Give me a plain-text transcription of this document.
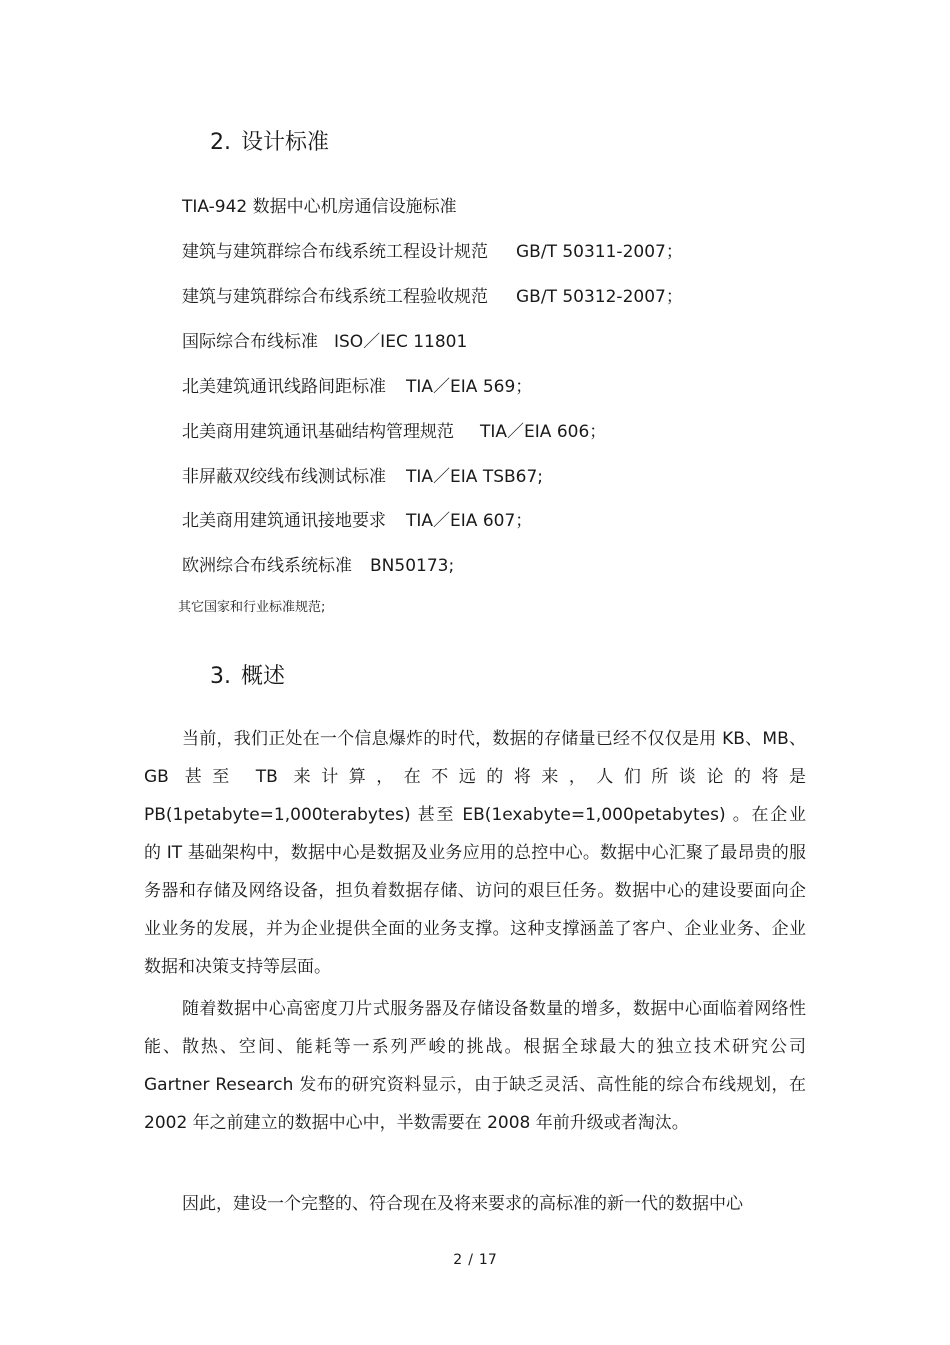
2. 设计标准
TIA-942 数据中心机房通信设施标准
建筑与建筑群综合布线系统工程设计规范 GB∕T 50311-2007；
建筑与建筑群综合布线系统工程验收规范 GB∕T 50312-2007；
国际综合布线标准 ISO／IEC 11801
北美建筑通讯线路间距标准 TIA／EIA 569；
北美商用建筑通讯基础结构管理规范 TIA／EIA 606；
非屏蔽双绞线布线测试标准 TIA／EIA TSB67;
北美商用建筑通讯接地要求 TIA／EIA 607；
欧洲综合布线系统标准 BN50173;
其它国家和行业标准规范;
3. 概述

当前，我们正处在一个信息爆炸的时代，数据的存储量已经不仅仅是用 KB、MB、GB 甚至 TB 来计算，在不远的将来，人们所谈论的将是 PB(1petabyte=1,000terabytes) 甚至 EB(1exabyte=1,000petabytes) 。在企业的 IT 基础架构中，数据中心是数据及业务应用的总控中心。数据中心汇聚了最昂贵的服务器和存储及网络设备，担负着数据存储、访问的艰巨任务。数据中心的建设要面向企业业务的发展，并为企业提供全面的业务支撑。这种支撑涵盖了客户、企业业务、企业数据和决策支持等层面。

随着数据中心高密度刀片式服务器及存储设备数量的增多，数据中心面临着网络性能、散热、空间、能耗等一系列严峻的挑战。根据全球最大的独立技术研究公司 Gartner Research 发布的研究资料显示，由于缺乏灵活、高性能的综合布线规划，在 2002 年之前建立的数据中心中，半数需要在 2008 年前升级或者淘汰。

因此，建设一个完整的、符合现在及将来要求的高标准的新一代的数据中心

2 / 17
